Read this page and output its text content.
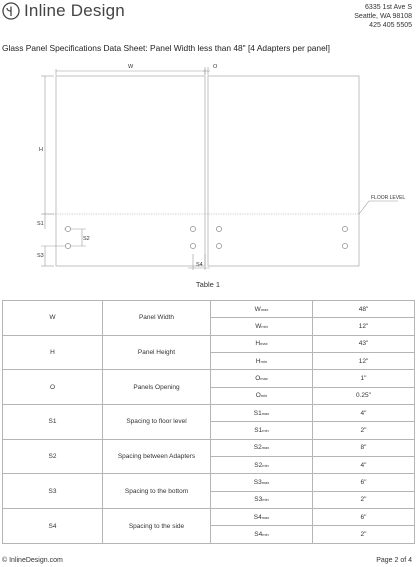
Inline Design	6335 1st Ave S
Seattle, WA 98108
425 405 5505
Glass Panel Specifications Data Sheet: Panel Width less than 48" [4 Adapters per panel]
W	O
H
S1
S2
S3
S4
FLOOR LEVEL
Table 1
W	Panel Width	Wmax	48"
		Wmin	12"
H	Panel Height	Hmax	43"
		Hmin	12"
O	Panels Opening	Omax	1"
		Omin	0.25"
S1	Spacing to floor level	S1max	4"
		S1min	2"
S2	Spacing between Adapters	S2max	8"
		S2min	4"
S3	Spacing to the bottom	S3max	6"
		S3min	2"
S4	Spacing to the side	S4max	6"
		S4min	2"
© InlineDesign.com	Page 2 of 4
